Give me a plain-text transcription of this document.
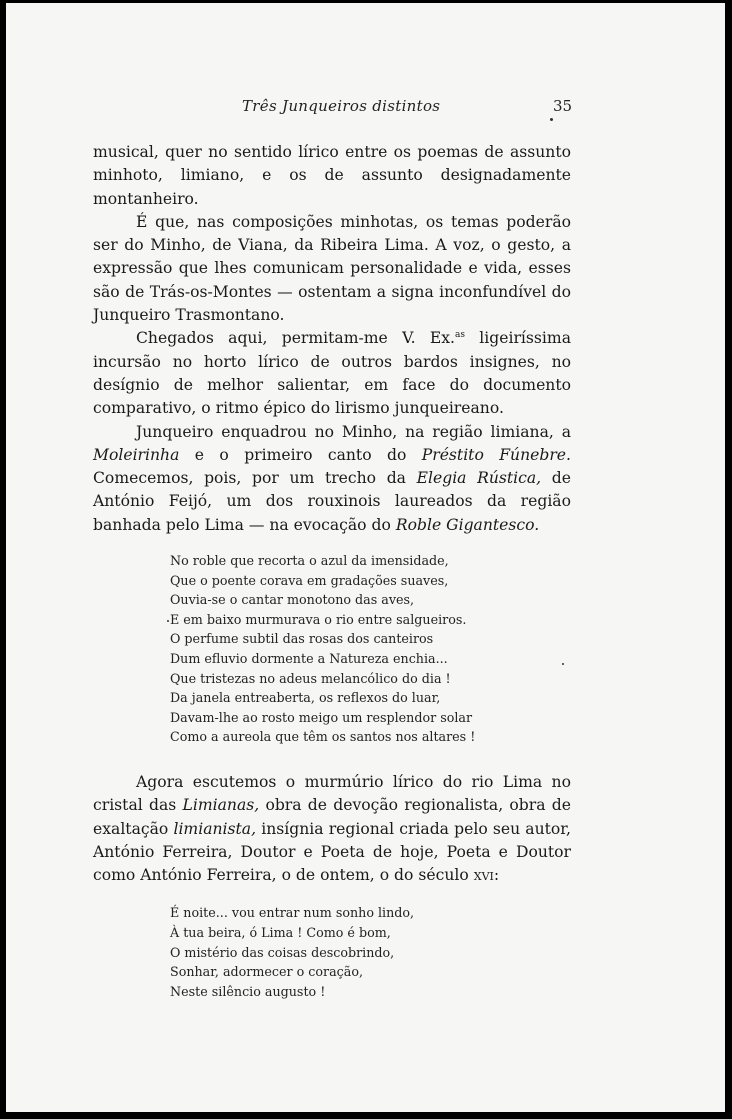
Três Junqueiros distintos	35

musical, quer no sentido lírico entre os poemas de assunto minhoto, limiano, e os de assunto designadamente montanheiro.

É que, nas composições minhotas, os temas poderão ser do Minho, de Viana, da Ribeira Lima. A voz, o gesto, a expressão que lhes comunicam personalidade e vida, esses são de Trás-os-Montes — ostentam a signa inconfundível do Junqueiro Trasmontano.

Chegados aqui, permitam-me V. Ex.$^{as}$ ligeiríssima incursão no horto lírico de outros bardos insignes, no desígnio de melhor salientar, em face do documento comparativo, o ritmo épico do lirismo junqueireano.

Junqueiro enquadrou no Minho, na região limiana, a Moleirinha e o primeiro canto do Préstito Fúnebre. Comecemos, pois, por um trecho da Elegia Rústica, de António Feijó, um dos rouxinois laureados da região banhada pelo Lima — na evocação do Roble Gigantesco.

No roble que recorta o azul da imensidade,
Que o poente corava em gradações suaves,
Ouvia-se o cantar monotono das aves,
E em baixo murmurava o rio entre salgueiros.
O perfume subtil das rosas dos canteiros
Dum efluvio dormente a Natureza enchia...
Que tristezas no adeus melancólico do dia !
Da janela entreaberta, os reflexos do luar,
Davam-lhe ao rosto meigo um resplendor solar
Como a aureola que têm os santos nos altares !

Agora escutemos o murmúrio lírico do rio Lima no cristal das Limianas, obra de devoção regionalista, obra de exaltação limianista, insígnia regional criada pelo seu autor, António Ferreira, Doutor e Poeta de hoje, Poeta e Doutor como António Ferreira, o de ontem, o do século xvi:

É noite... vou entrar num sonho lindo,
À tua beira, ó Lima ! Como é bom,
O mistério das coisas descobrindo,
Sonhar, adormecer o coração,
Neste silêncio augusto !
